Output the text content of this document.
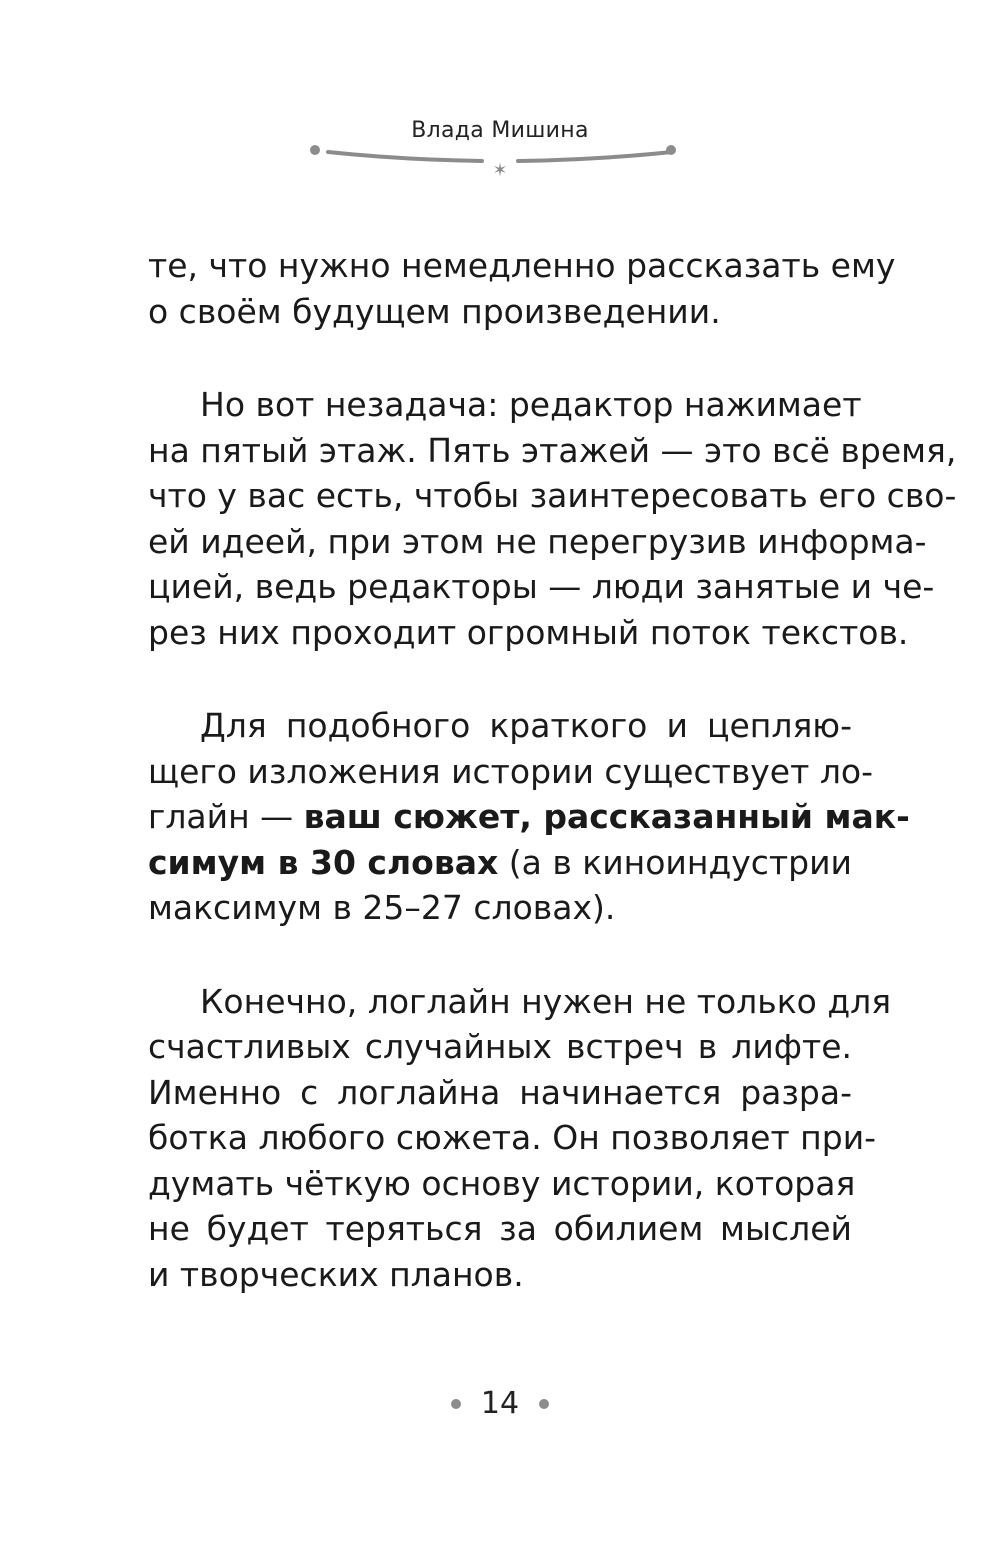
Влада Мишина
✶
те, что нужно немедленно рассказать ему
о своём будущем произведении.
Но вот незадача: редактор нажимает
на пятый этаж. Пять этажей — это всё время,
что у вас есть, чтобы заинтересовать его сво-
ей идеей, при этом не перегрузив информа-
цией, ведь редакторы — люди занятые и че-
рез них проходит огромный поток текстов.
Для подобного краткого и цепляю-
щего изложения истории существует ло-
глайн — ваш сюжет, рассказанный мак-
симум в 30 словах (а в киноиндустрии
максимум в 25–27 словах).
Конечно, логлайн нужен не только для
счастливых случайных встреч в лифте.
Именно с логлайна начинается разра-
ботка любого сюжета. Он позволяет при-
думать чёткую основу истории, которая
не будет теряться за обилием мыслей
и творческих планов.
14
